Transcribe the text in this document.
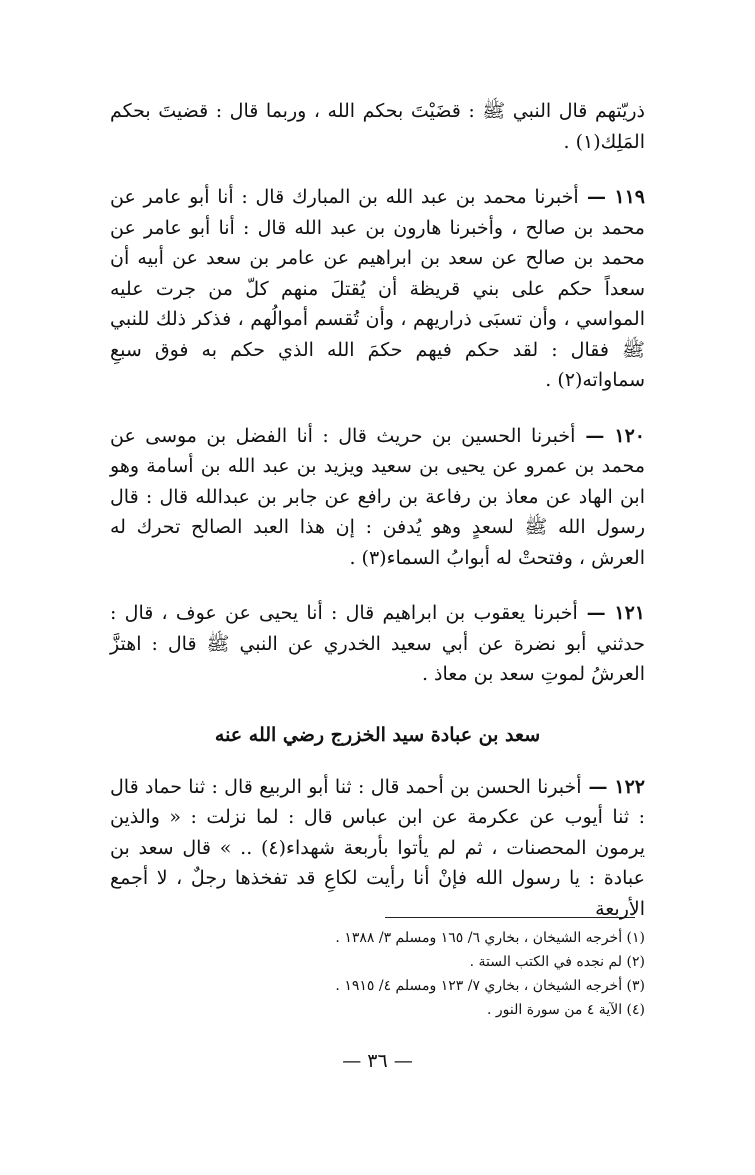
ذريّتهم قال النبي ﷺ : قضَيْتَ بحكم الله ، وربما قال : قضيتَ بحكم المَلِك(١) .

١١٩ — أخبرنا محمد بن عبد الله بن المبارك قال : أنا أبو عامر عن محمد بن صالح ، وأخبرنا هارون بن عبد الله قال : أنا أبو عامر عن محمد بن صالح عن سعد بن ابراهيم عن عامر بن سعد عن أبيه أن سعداً حكم على بني قريظة أن يُقتلَ منهم كلّ من جرت عليه المواسي ، وأن تسبَى ذراريهم ، وأن تُقسم أموالُهم ، فذكر ذلك للنبي ﷺ فقال : لقد حكم فيهم حكمَ الله الذي حكم به فوق سبعِ سماواته(٢) .

١٢٠ — أخبرنا الحسين بن حريث قال : أنا الفضل بن موسى عن محمد بن عمرو عن يحيى بن سعيد ويزيد بن عبد الله بن أسامة وهو ابن الهاد عن معاذ بن رفاعة بن رافع عن جابر بن عبدالله قال : قال رسول الله ﷺ لسعدٍ وهو يُدفن : إن هذا العبد الصالح تحرك له العرش ، وفتحتْ له أبوابُ السماء(٣) .

١٢١ — أخبرنا يعقوب بن ابراهيم قال : أنا يحيى عن عوف ، قال : حدثني أبو نضرة عن أبي سعيد الخدري عن النبي ﷺ قال : اهتزَّ العرشُ لموتِ سعد بن معاذ .

سعد بن عبادة سيد الخزرج رضي الله عنه

١٢٢ — أخبرنا الحسن بن أحمد قال : ثنا أبو الربيع قال : ثنا حماد قال : ثنا أيوب عن عكرمة عن ابن عباس قال : لما نزلت : « والذين يرمون المحصنات ، ثم لم يأتوا بأربعة شهداء(٤) .. » قال سعد بن عبادة : يا رسول الله فإنْ أنا رأيت لكاعِ قد تفخذها رجلٌ ، لا أجمع الأربعة

(١) أخرجه الشيخان ، بخاري ٦/ ١٦٥ ومسلم ٣/ ١٣٨٨ .

(٢) لم نجده في الكتب الستة .

(٣) أخرجه الشيخان ، بخاري ٧/ ١٢٣ ومسلم ٤/ ١٩١٥ .

(٤) الآية ٤ من سورة النور .

— ٣٦ —
